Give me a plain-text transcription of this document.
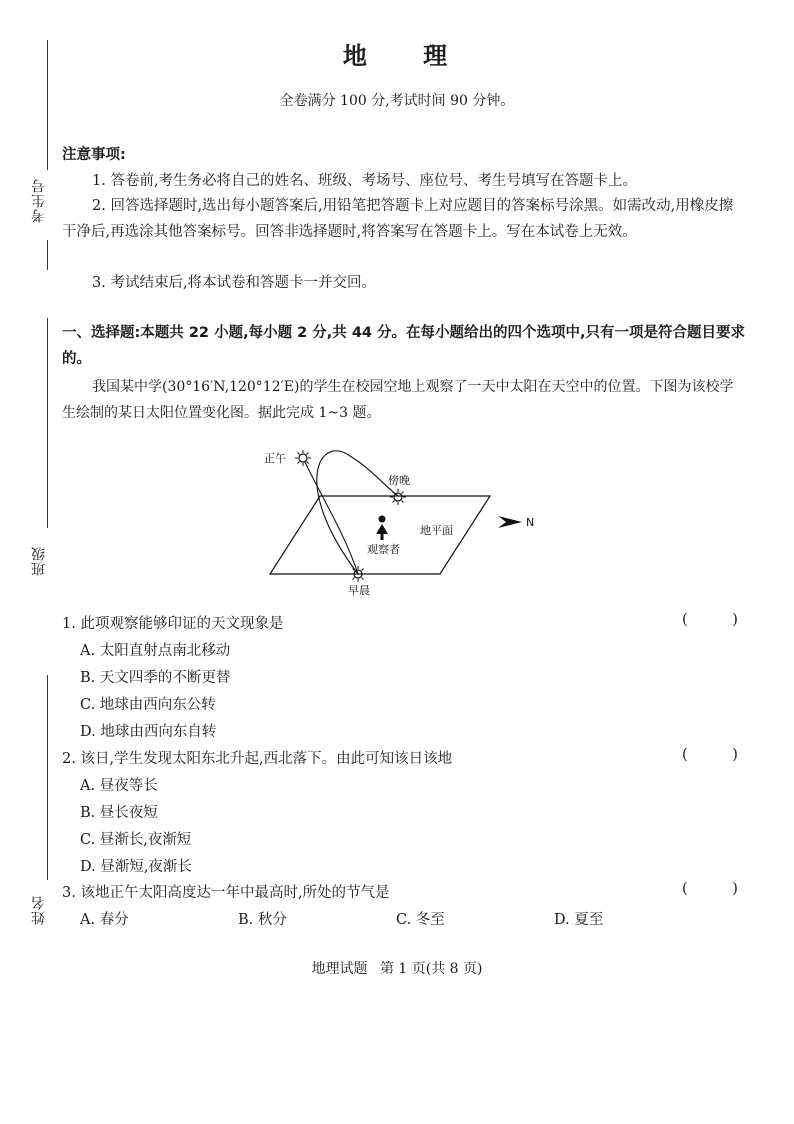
考生号
班级
姓名
地 理
全卷满分 100 分,考试时间 90 分钟。
注意事项:
1. 答卷前,考生务必将自己的姓名、班级、考场号、座位号、考生号填写在答题卡上。
2. 回答选择题时,选出每小题答案后,用铅笔把答题卡上对应题目的答案标号涂黑。如需改动,用橡皮擦干净后,再选涂其他答案标号。回答非选择题时,将答案写在答题卡上。写在本试卷上无效。
3. 考试结束后,将本试卷和答题卡一并交回。
一、选择题:本题共 22 小题,每小题 2 分,共 44 分。在每小题给出的四个选项中,只有一项是符合题目要求的。
我国某中学(30°16′N,120°12′E)的学生在校园空地上观察了一天中太阳在天空中的位置。下图为该校学生绘制的某日太阳位置变化图。据此完成 1~3 题。
正午
傍晚
早晨
观察者
地平面
N
1. 此项观察能够印证的天文现象是	( )
A. 太阳直射点南北移动
B. 天文四季的不断更替
C. 地球由西向东公转
D. 地球由西向东自转
2. 该日,学生发现太阳东北升起,西北落下。由此可知该日该地	( )
A. 昼夜等长
B. 昼长夜短
C. 昼渐长,夜渐短
D. 昼渐短,夜渐长
3. 该地正午太阳高度达一年中最高时,所处的节气是	( )
A. 春分	B. 秋分	C. 冬至	D. 夏至
地理试题 第 1 页(共 8 页)
